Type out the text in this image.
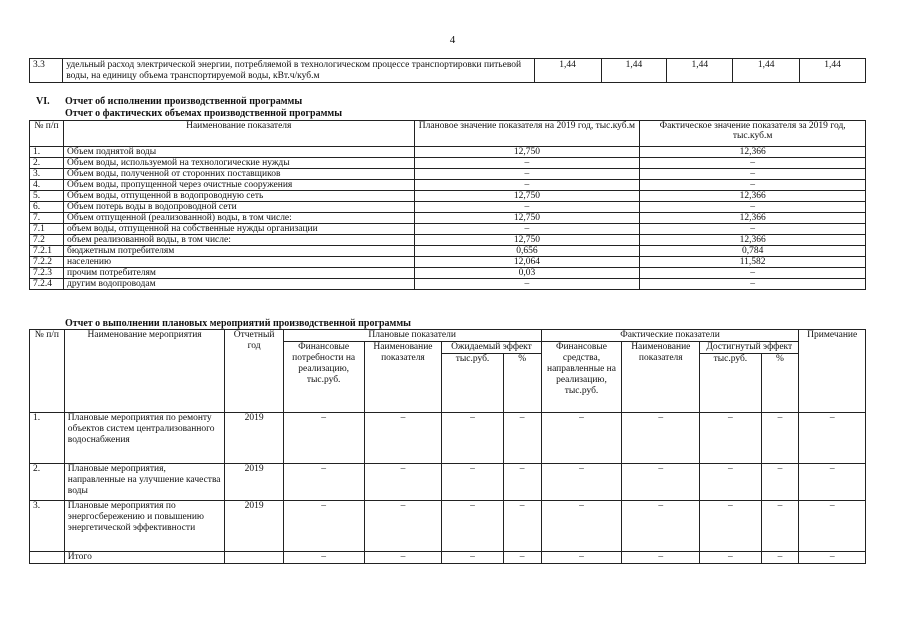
4
3.3	удельный расход электрической энергии, потребляемой в технологическом процессе транспортировки питьевой воды, на единицу объема транспортируемой воды, кВт.ч/куб.м	1,44	1,44	1,44	1,44	1,44
VI. Отчет об исполнении производственной программы
Отчет о фактических объемах производственной программы
№ п/п	Наименование показателя	Плановое значение показателя на 2019 год, тыс.куб.м	Фактическое значение показателя за 2019 год, тыс.куб.м
1.	Объем поднятой воды	12,750	12,366
2.	Объем воды, используемой на технологические нужды	–	–
3.	Объем воды, полученной от сторонних поставщиков	–	–
4.	Объем воды, пропущенной через очистные сооружения	–	–
5.	Объем воды, отпущенной в водопроводную сеть	12,750	12,366
6.	Объем потерь воды в водопроводной сети	–	–
7.	Объем отпущенной (реализованной) воды, в том числе:	12,750	12,366
7.1	объем воды, отпущенной на собственные нужды организации	–	–
7.2	объем реализованной воды, в том числе:	12,750	12,366
7.2.1	бюджетным потребителям	0,656	0,784
7.2.2	населению	12,064	11,582
7.2.3	прочим потребителям	0,03	–
7.2.4	другим водопроводам	–	–
Отчет о выполнении плановых мероприятий производственной программы
№ п/п	Наименование мероприятия	Отчетный год	Плановые показатели				Фактические показатели				Примечание
			Финансовые потребности на реализацию, тыс.руб.	Наименование показателя	Ожидаемый эффект		Финансовые средства, направленные на реализацию, тыс.руб.	Наименование показателя	Достигнутый эффект		
					тыс.руб.	%			тыс.руб.	%	
1.	Плановые мероприятия по ремонту объектов систем централизованного водоснабжения	2019	–	–	–	–	–	–	–	–	–
2.	Плановые мероприятия, направленные на улучшение качества воды	2019	–	–	–	–	–	–	–	–	–
3.	Плановые мероприятия по энергосбережению и повышению энергетической эффективности	2019	–	–	–	–	–	–	–	–	–
	Итого		–	–	–	–	–	–	–	–	–
